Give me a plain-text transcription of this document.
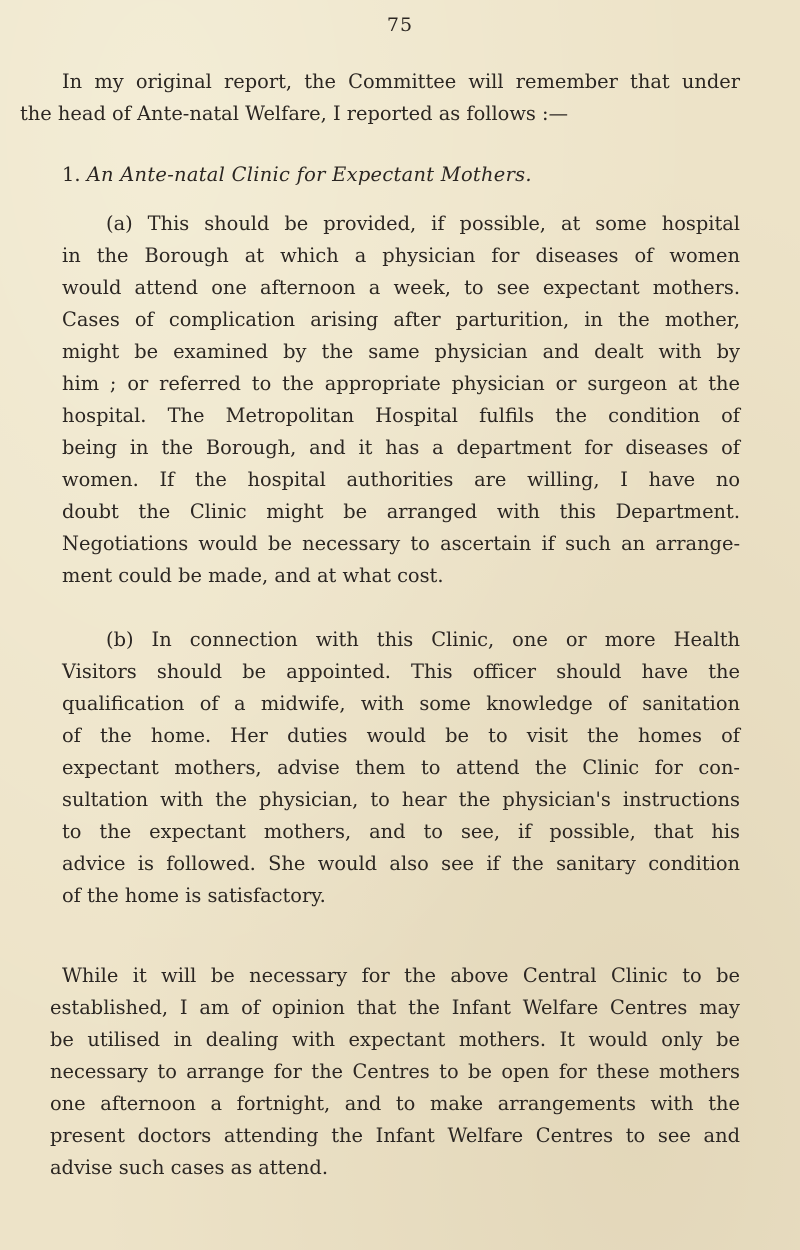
75
In my original report, the Committee will remember that under
the head of Ante-natal Welfare, I reported as follows :—
1. An Ante-natal Clinic for Expectant Mothers.
(a) This should be provided, if possible, at some hospital
in the Borough at which a physician for diseases of women
would attend one afternoon a week, to see expectant mothers.
Cases of complication arising after parturition, in the mother,
might be examined by the same physician and dealt with by
him ; or referred to the appropriate physician or surgeon at the
hospital. The Metropolitan Hospital fulfils the condition of
being in the Borough, and it has a department for diseases of
women. If the hospital authorities are willing, I have no
doubt the Clinic might be arranged with this Department.
Negotiations would be necessary to ascertain if such an arrange-
ment could be made, and at what cost.
(b) In connection with this Clinic, one or more Health
Visitors should be appointed. This officer should have the
qualification of a midwife, with some knowledge of sanitation
of the home. Her duties would be to visit the homes of
expectant mothers, advise them to attend the Clinic for con-
sultation with the physician, to hear the physician's instructions
to the expectant mothers, and to see, if possible, that his
advice is followed. She would also see if the sanitary condition
of the home is satisfactory.
While it will be necessary for the above Central Clinic to be
established, I am of opinion that the Infant Welfare Centres may
be utilised in dealing with expectant mothers. It would only be
necessary to arrange for the Centres to be open for these mothers
one afternoon a fortnight, and to make arrangements with the
present doctors attending the Infant Welfare Centres to see and
advise such cases as attend.
